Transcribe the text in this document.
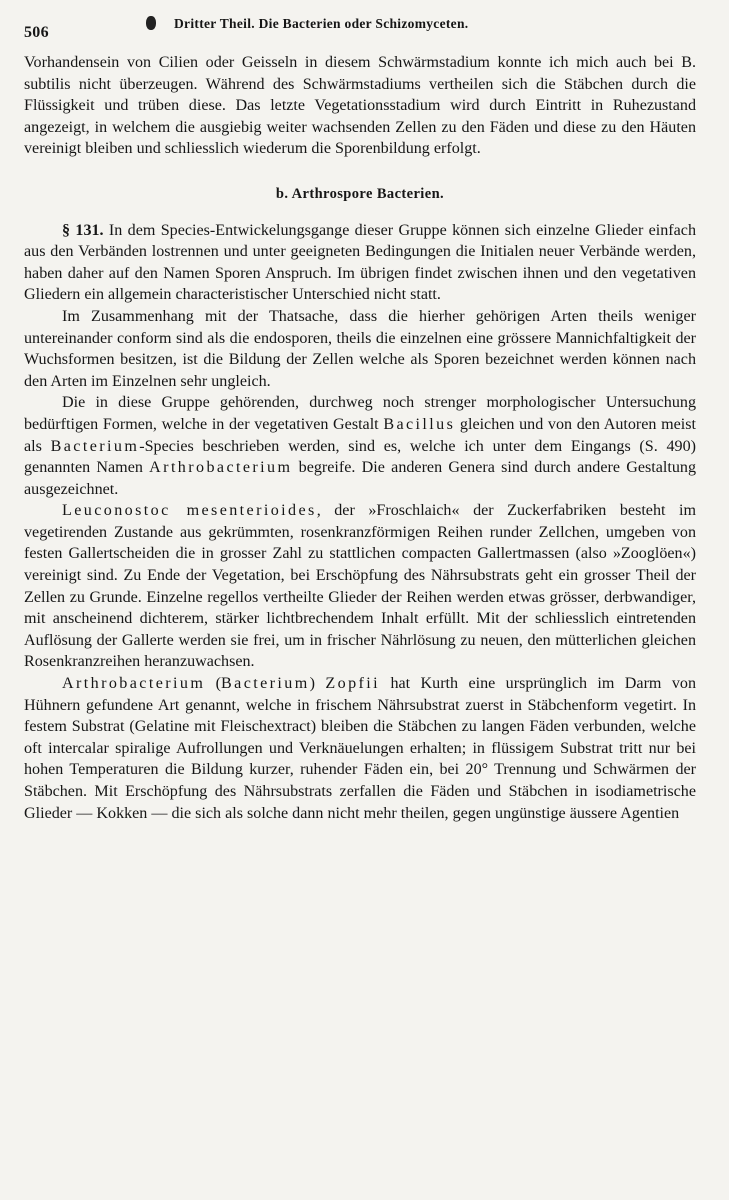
506
Dritter Theil. Die Bacterien oder Schizomyceten.

Vorhandensein von Cilien oder Geisseln in diesem Schwärmstadium konnte ich mich auch bei B. subtilis nicht überzeugen. Während des Schwärmstadiums vertheilen sich die Stäbchen durch die Flüssigkeit und trüben diese. Das letzte Vegetationsstadium wird durch Eintritt in Ruhezustand angezeigt, in welchem die ausgiebig weiter wachsenden Zellen zu den Fäden und diese zu den Häuten vereinigt bleiben und schliesslich wiederum die Sporenbildung erfolgt.

b. Arthrospore Bacterien.

§ 131. In dem Species-Entwickelungsgange dieser Gruppe können sich einzelne Glieder einfach aus den Verbänden lostrennen und unter geeigneten Bedingungen die Initialen neuer Verbände werden, haben daher auf den Namen Sporen Anspruch. Im übrigen findet zwischen ihnen und den vegetativen Gliedern ein allgemein characteristischer Unterschied nicht statt.

Im Zusammenhang mit der Thatsache, dass die hierher gehörigen Arten theils weniger untereinander conform sind als die endosporen, theils die einzelnen eine grössere Mannichfaltigkeit der Wuchsformen besitzen, ist die Bildung der Zellen welche als Sporen bezeichnet werden können nach den Arten im Einzelnen sehr ungleich.

Die in diese Gruppe gehörenden, durchweg noch strenger morphologischer Untersuchung bedürftigen Formen, welche in der vegetativen Gestalt Bacillus gleichen und von den Autoren meist als Bacterium-Species beschrieben werden, sind es, welche ich unter dem Eingangs (S. 490) genannten Namen Arthrobacterium begreife. Die anderen Genera sind durch andere Gestaltung ausgezeichnet.

Leuconostoc mesenterioides, der »Froschlaich« der Zuckerfabriken besteht im vegetirenden Zustande aus gekrümmten, rosenkranzförmigen Reihen runder Zellchen, umgeben von festen Gallertscheiden die in grosser Zahl zu stattlichen compacten Gallertmassen (also »Zooglöen«) vereinigt sind. Zu Ende der Vegetation, bei Erschöpfung des Nährsubstrats geht ein grosser Theil der Zellen zu Grunde. Einzelne regellos vertheilte Glieder der Reihen werden etwas grösser, derbwandiger, mit anscheinend dichterem, stärker lichtbrechendem Inhalt erfüllt. Mit der schliesslich eintretenden Auflösung der Gallerte werden sie frei, um in frischer Nährlösung zu neuen, den mütterlichen gleichen Rosenkranzreihen heranzuwachsen.

Arthrobacterium (Bacterium) Zopfii hat Kurth eine ursprünglich im Darm von Hühnern gefundene Art genannt, welche in frischem Nährsubstrat zuerst in Stäbchenform vegetirt. In festem Substrat (Gelatine mit Fleischextract) bleiben die Stäbchen zu langen Fäden verbunden, welche oft intercalar spiralige Aufrollungen und Verknäuelungen erhalten; in flüssigem Substrat tritt nur bei hohen Temperaturen die Bildung kurzer, ruhender Fäden ein, bei 20° Trennung und Schwärmen der Stäbchen. Mit Erschöpfung des Nährsubstrats zerfallen die Fäden und Stäbchen in isodiametrische Glieder — Kokken — die sich als solche dann nicht mehr theilen, gegen ungünstige äussere Agentien
